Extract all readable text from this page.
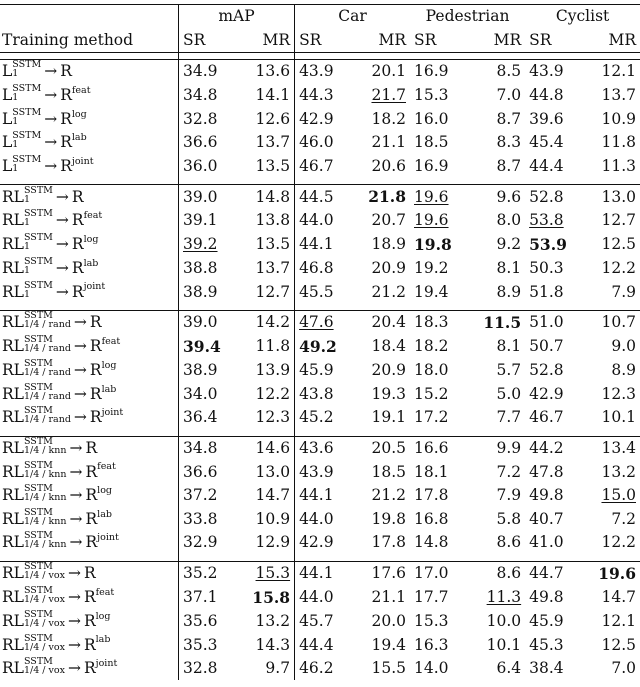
	mAP		Car		Pedestrian		Cyclist	
Training method	SR	MR	SR	MR	SR	MR	SR	MR

L SSTM
1 → R	34.9	13.6	43.9	20.1	16.9	8.5	43.9	12.1
L SSTM
$1 \to R^{feat}$	34.8	14.1	44.3	21.7	15.3	7.0	44.8	13.7
L SSTM
$1 \to R^{log}$	32.8	12.6	42.9	18.2	16.0	8.7	39.6	10.9
L SSTM
$1 \to R^{lab}$	36.6	13.7	46.0	21.1	18.5	8.3	45.4	11.8
L SSTM
$1 \to R^{joint}$	36.0	13.5	46.7	20.6	16.9	8.7	44.4	11.3

RL SSTM
1 → R	39.0	14.8	44.5	21.8	19.6	9.6	52.8	13.0
RL SSTM
$1 \to R^{feat}$	39.1	13.8	44.0	20.7	19.6	8.0	53.8	12.7
RL SSTM
$1 \to R^{log}$	39.2	13.5	44.1	18.9	19.8	9.2	53.9	12.5
RL SSTM
$1 \to R^{lab}$	38.8	13.7	46.8	20.9	19.2	8.1	50.3	12.2
RL SSTM
$1 \to R^{joint}$	38.9	12.7	45.5	21.2	19.4	8.9	51.8	7.9

RL SSTM
1/4 / rand → R	39.0	14.2	47.6	20.4	18.3	11.5	51.0	10.7
RL SSTM
1/4 / rand → $R^{feat}$	39.4	11.8	49.2	18.4	18.2	8.1	50.7	9.0
RL SSTM
1/4 / rand → $R^{log}$	38.9	13.9	45.9	20.9	18.0	5.7	52.8	8.9
RL SSTM
1/4 / rand → $R^{lab}$	34.0	12.2	43.8	19.3	15.2	5.0	42.9	12.3
RL SSTM
1/4 / rand → $R^{joint}$	36.4	12.3	45.2	19.1	17.2	7.7	46.7	10.1

RL SSTM
1/4 / knn → R	34.8	14.6	43.6	20.5	16.6	9.9	44.2	13.4
RL SSTM
1/4 / knn → $R^{feat}$	36.6	13.0	43.9	18.5	18.1	7.2	47.8	13.2
RL SSTM
1/4 / knn → $R^{log}$	37.2	14.7	44.1	21.2	17.8	7.9	49.8	15.0
RL SSTM
1/4 / knn → $R^{lab}$	33.8	10.9	44.0	19.8	16.8	5.8	40.7	7.2
RL SSTM
1/4 / knn → $R^{joint}$	32.9	12.9	42.9	17.8	14.8	8.6	41.0	12.2

RL SSTM
1/4 / vox → R	35.2	15.3	44.1	17.6	17.0	8.6	44.7	19.6
RL SSTM
1/4 / vox → $R^{feat}$	37.1	15.8	44.0	21.1	17.7	11.3	49.8	14.7
RL SSTM
1/4 / vox → $R^{log}$	35.6	13.2	45.7	20.0	15.3	10.0	45.9	12.1
RL SSTM
1/4 / vox → $R^{lab}$	35.3	14.3	44.4	19.4	16.3	10.1	45.3	12.5
RL SSTM
1/4 / vox → $R^{joint}$	32.8	9.7	46.2	15.5	14.0	6.4	38.4	7.0
